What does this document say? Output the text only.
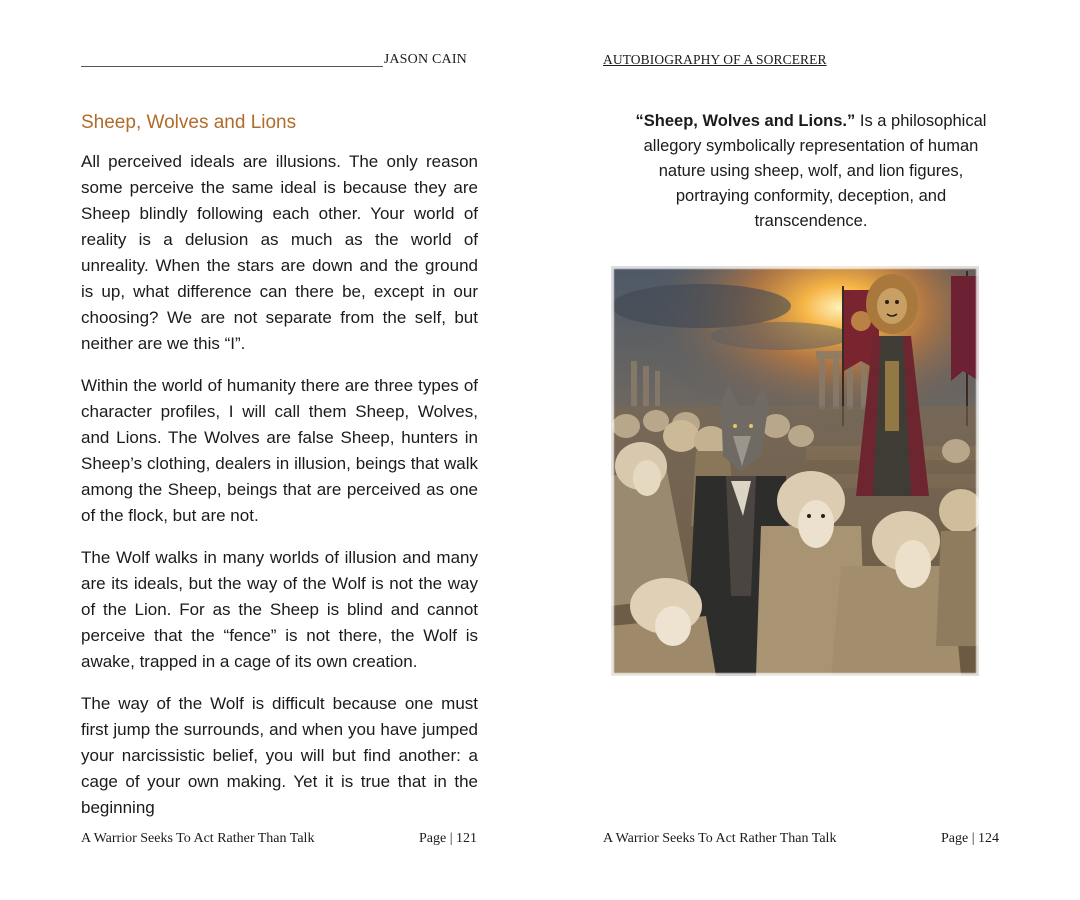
JASON CAIN
Sheep, Wolves and Lions

All perceived ideals are illusions. The only reason some perceive the same ideal is because they are Sheep blindly following each other. Your world of reality is a delusion as much as the world of unreality. When the stars are down and the ground is up, what difference can there be, except in our choosing? We are not separate from the self, but neither are we this “I”.

Within the world of humanity there are three types of character profiles, I will call them Sheep, Wolves, and Lions. The Wolves are false Sheep, hunters in Sheep’s clothing, dealers in illusion, beings that walk among the Sheep, beings that are perceived as one of the flock, but are not.

The Wolf walks in many worlds of illusion and many are its ideals, but the way of the Wolf is not the way of the Lion. For as the Sheep is blind and cannot perceive that the “fence” is not there, the Wolf is awake, trapped in a cage of its own creation.

The way of the Wolf is difficult because one must first jump the surrounds, and when you have jumped your narcissistic belief, you will but find another: a cage of your own making. Yet it is true that in the beginning

A Warrior Seeks To Act Rather Than Talk	Page | 121
AUTOBIOGRAPHY OF A SORCERER
“Sheep, Wolves and Lions.” Is a philosophical allegory symbolically representation of human nature using sheep, wolf, and lion figures, portraying conformity, deception, and transcendence.
A Warrior Seeks To Act Rather Than Talk	Page | 124
